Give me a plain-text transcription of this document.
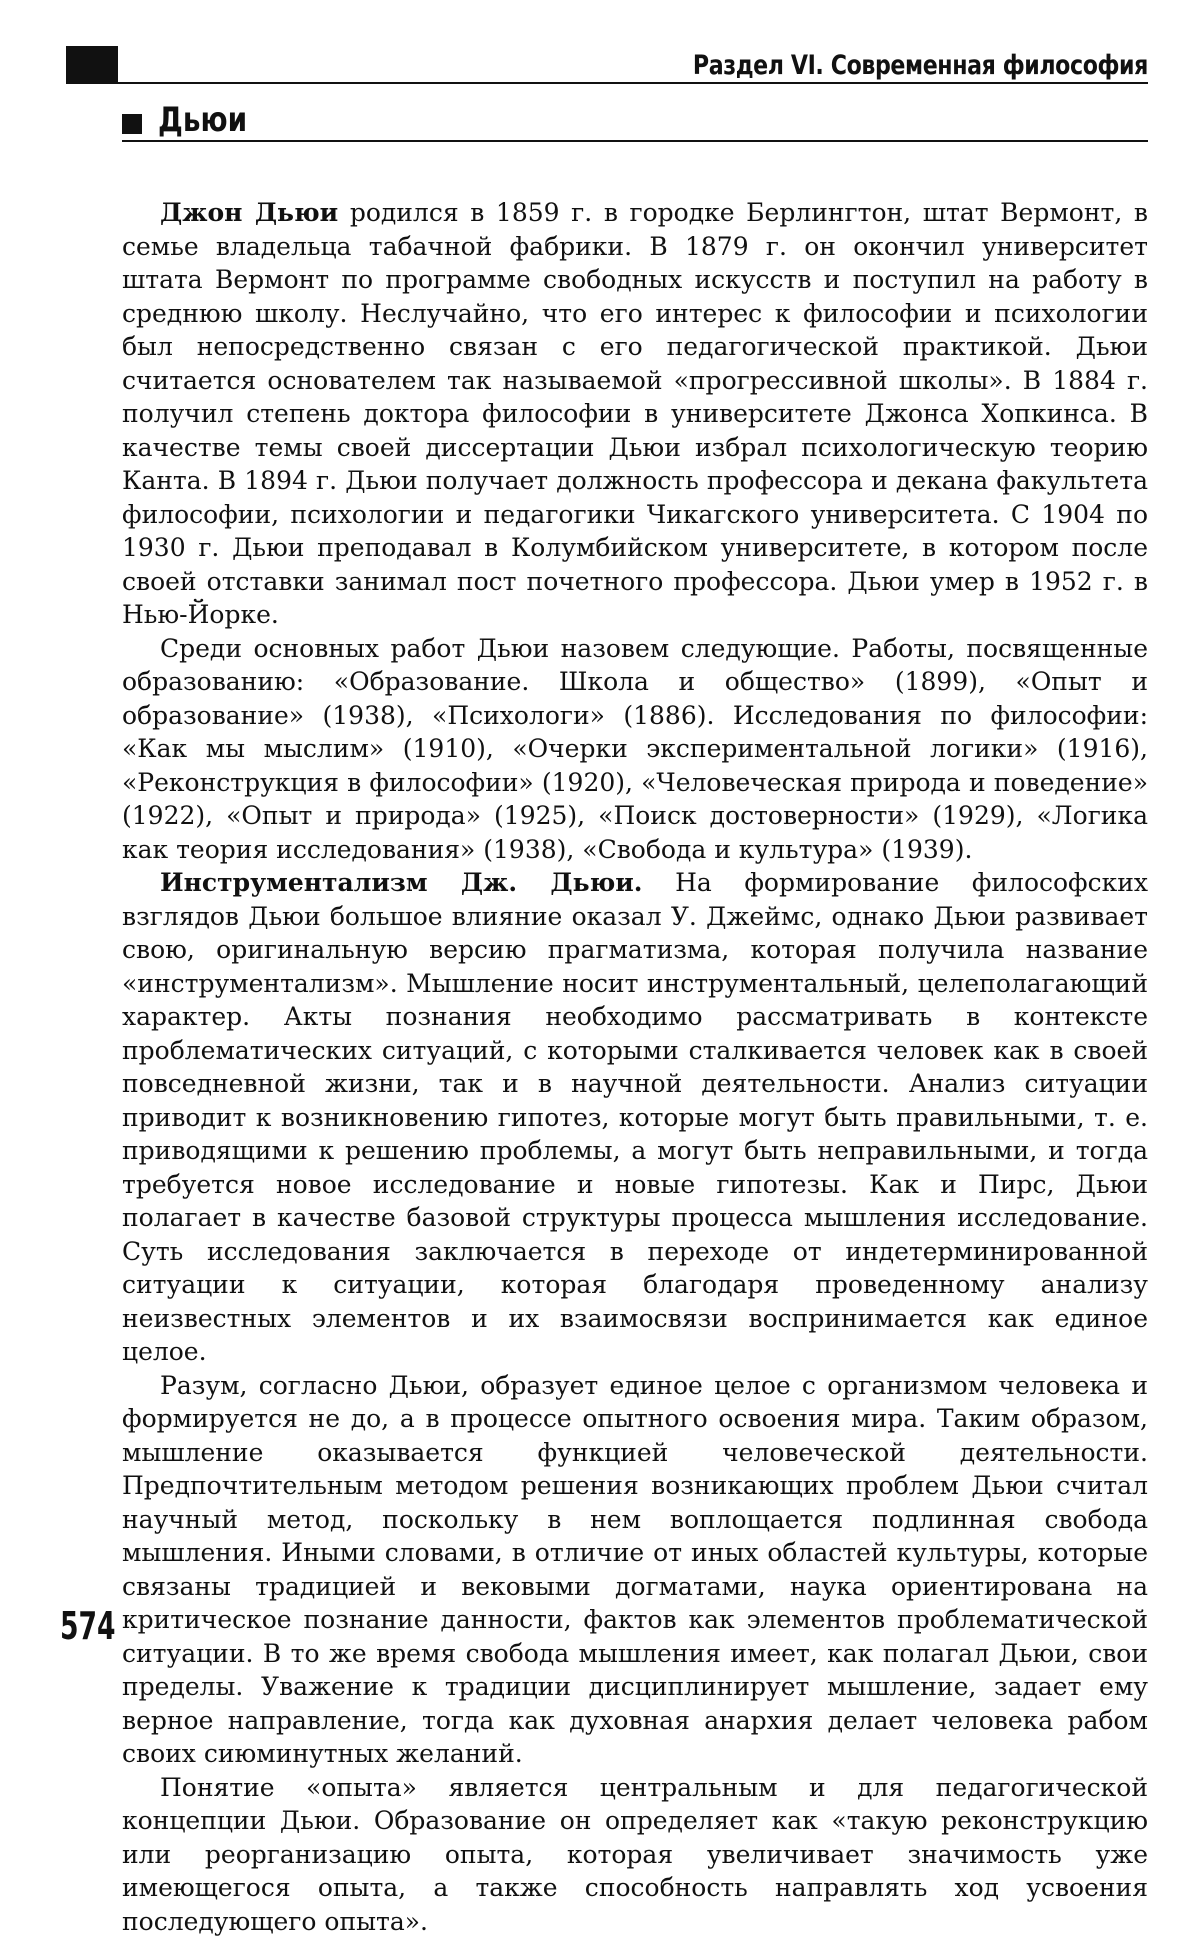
Раздел VI. Современная философия
Дьюи

Джон Дьюи родился в 1859 г. в городке Берлингтон, штат Вермонт, в семье владельца табачной фабрики. В 1879 г. он окончил университет штата Вермонт по программе свободных искусств и поступил на работу в среднюю школу. Неслучайно, что его интерес к философии и психологии был непосредственно связан с его педагогической практикой. Дьюи считается основателем так называемой «прогрессивной школы». В 1884 г. получил степень доктора философии в университете Джонса Хопкинса. В качестве темы своей диссертации Дьюи избрал психологическую теорию Канта. В 1894 г. Дьюи получает должность профессора и декана факультета философии, психологии и педагогики Чикагского университета. С 1904 по 1930 г. Дьюи преподавал в Колумбийском университете, в котором после своей отставки занимал пост почетного профессора. Дьюи умер в 1952 г. в Нью-Йорке.

Среди основных работ Дьюи назовем следующие. Работы, посвященные образованию: «Образование. Школа и общество» (1899), «Опыт и образование» (1938), «Психологи» (1886). Исследования по философии: «Как мы мыслим» (1910), «Очерки экспериментальной логики» (1916), «Реконструкция в философии» (1920), «Человеческая природа и поведение» (1922), «Опыт и природа» (1925), «Поиск достоверности» (1929), «Логика как теория исследования» (1938), «Свобода и культура» (1939).

Инструментализм Дж. Дьюи. На формирование философских взглядов Дьюи большое влияние оказал У. Джеймс, однако Дьюи развивает свою, оригинальную версию прагматизма, которая получила название «инструментализм». Мышление носит инструментальный, целеполагающий характер. Акты познания необходимо рассматривать в контексте проблематических ситуаций, с которыми сталкивается человек как в своей повседневной жизни, так и в научной деятельности. Анализ ситуации приводит к возникновению гипотез, которые могут быть правильными, т. е. приводящими к решению проблемы, а могут быть неправильными, и тогда требуется новое исследование и новые гипотезы. Как и Пирс, Дьюи полагает в качестве базовой структуры процесса мышления исследование. Суть исследования заключается в переходе от индетерминированной ситуации к ситуации, которая благодаря проведенному анализу неизвестных элементов и их взаимосвязи воспринимается как единое целое.

Разум, согласно Дьюи, образует единое целое с организмом человека и формируется не до, а в процессе опытного освоения мира. Таким образом, мышление оказывается функцией человеческой деятельности. Предпочтительным методом решения возникающих проблем Дьюи считал научный метод, поскольку в нем воплощается подлинная свобода мышления. Иными словами, в отличие от иных областей культуры, которые связаны традицией и вековыми догматами, наука ориентирована на критическое познание данности, фактов как элементов проблематической ситуации. В то же время свобода мышления имеет, как полагал Дьюи, свои пределы. Уважение к традиции дисциплинирует мышление, задает ему верное направление, тогда как духовная анархия делает человека рабом своих сиюминутных желаний.

Понятие «опыта» является центральным и для педагогической концепции Дьюи. Образование он определяет как «такую реконструкцию или реорганизацию опыта, которая увеличивает значимость уже имеющегося опыта, а также способность направлять ход усвоения последующего опыта».

574
